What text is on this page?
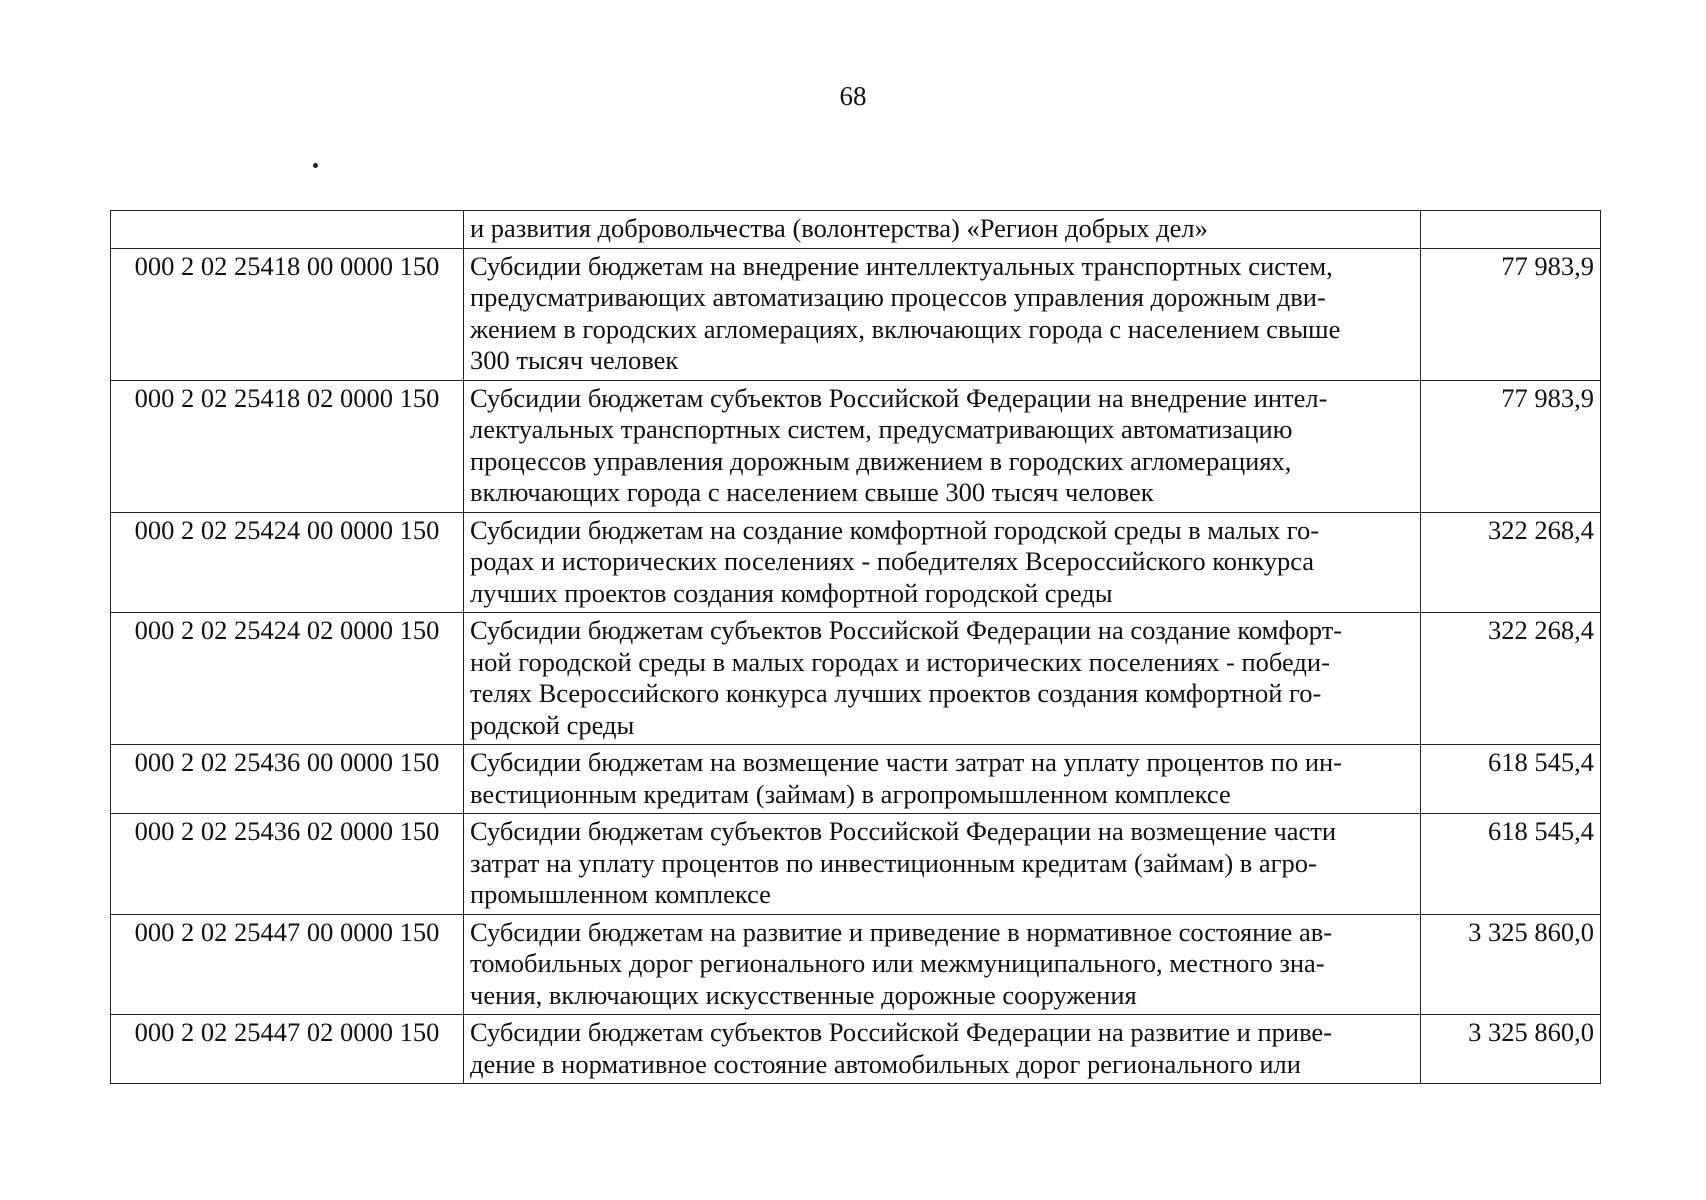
68

	и развития добровольчества (волонтерства) «Регион добрых дел»	

000 2 02 25418 00 0000 150	Субсидии бюджетам на внедрение интеллектуальных транспортных систем,
предусматривающих автоматизацию процессов управления дорожным дви-
жением в городских агломерациях, включающих города с населением свыше
300 тысяч человек	77 983,9
000 2 02 25418 02 0000 150	Субсидии бюджетам субъектов Российской Федерации на внедрение интел-
лектуальных транспортных систем, предусматривающих автоматизацию
процессов управления дорожным движением в городских агломерациях,
включающих города с населением свыше 300 тысяч человек	77 983,9
000 2 02 25424 00 0000 150	Субсидии бюджетам на создание комфортной городской среды в малых го-
родах и исторических поселениях - победителях Всероссийского конкурса
лучших проектов создания комфортной городской среды	322 268,4
000 2 02 25424 02 0000 150	Субсидии бюджетам субъектов Российской Федерации на создание комфорт-
ной городской среды в малых городах и исторических поселениях - победи-
телях Всероссийского конкурса лучших проектов создания комфортной го-
родской среды	322 268,4
000 2 02 25436 00 0000 150	Субсидии бюджетам на возмещение части затрат на уплату процентов по ин-
вестиционным кредитам (займам) в агропромышленном комплексе	618 545,4
000 2 02 25436 02 0000 150	Субсидии бюджетам субъектов Российской Федерации на возмещение части
затрат на уплату процентов по инвестиционным кредитам (займам) в агро-
промышленном комплексе	618 545,4
000 2 02 25447 00 0000 150	Субсидии бюджетам на развитие и приведение в нормативное состояние ав-
томобильных дорог регионального или межмуниципального, местного зна-
чения, включающих искусственные дорожные сооружения	3 325 860,0
000 2 02 25447 02 0000 150	Субсидии бюджетам субъектов Российской Федерации на развитие и приве-
дение в нормативное состояние автомобильных дорог регионального или	3 325 860,0
